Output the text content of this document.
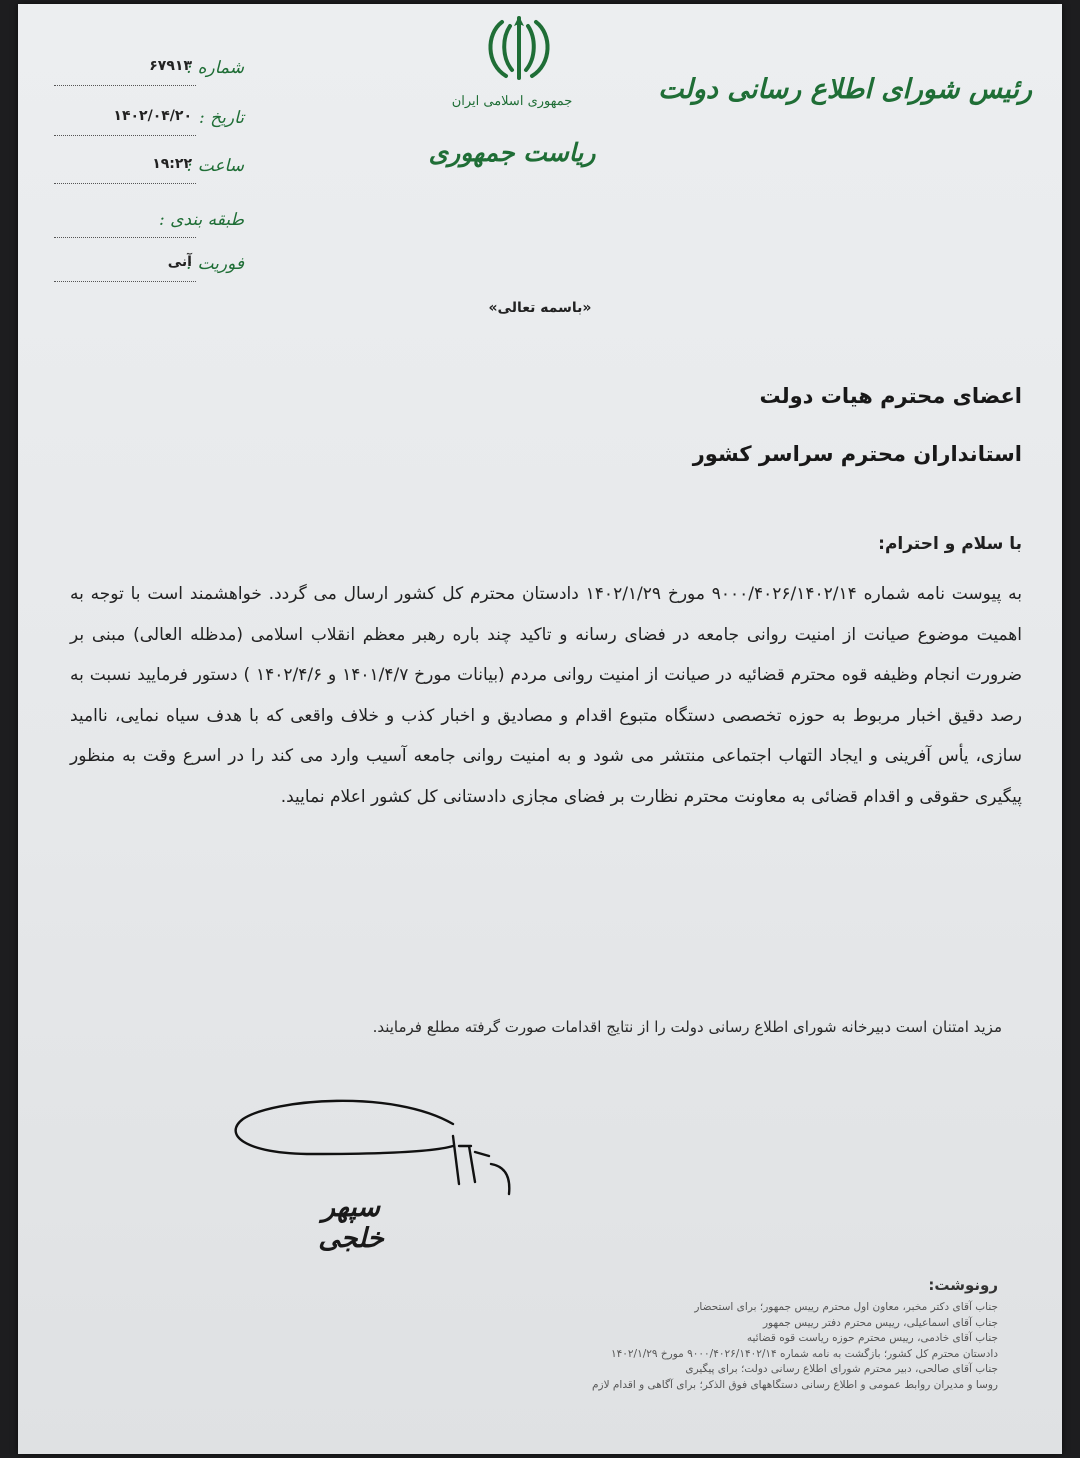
رئیس شورای اطلاع رسانی دولت
جمهوری اسلامی ایران
ریاست جمهوری
شماره :
۶۷۹۱۳
تاریخ :
۱۴۰۲/۰۴/۲۰
ساعت :
۱۹:۲۲
طبقه بندی :
فوریت :
آنی
«باسمه تعالی»
اعضای محترم هیات دولت
استانداران محترم سراسر کشور
با سلام و احترام:
به پیوست نامه شماره ۹۰۰۰/۴۰۲۶/۱۴۰۲/۱۴ مورخ ۱۴۰۲/۱/۲۹ دادستان محترم کل کشور ارسال می گردد. خواهشمند است با توجه به اهمیت موضوع صیانت از امنیت روانی جامعه در فضای رسانه و تاکید چند باره رهبر معظم انقلاب اسلامی (مدظله العالی) مبنی بر ضرورت انجام وظیفه قوه محترم قضائیه در صیانت از امنیت روانی مردم (بیانات مورخ ۱۴۰۱/۴/۷ و ۱۴۰۲/۴/۶ ) دستور فرمایید نسبت به رصد دقیق اخبار مربوط به حوزه تخصصی دستگاه متبوع اقدام و مصادیق و اخبار کذب و خلاف واقعی که با هدف سیاه نمایی، ناامید سازی، یأس آفرینی و ایجاد التهاب اجتماعی منتشر می شود و به امنیت روانی جامعه آسیب وارد می کند را در اسرع وقت به منظور پیگیری حقوقی و اقدام قضائی به معاونت محترم نظارت بر فضای مجازی دادستانی کل کشور اعلام نمایید.
مزید امتنان است دبیرخانه شورای اطلاع رسانی دولت را از نتایج اقدامات صورت گرفته مطلع فرمایند.
سپهر خلجی
رونوشت:
جناب آقای دکتر مخبر، معاون اول محترم رییس جمهور؛ برای استحضار
جناب آقای اسماعیلی، رییس محترم دفتر رییس جمهور
جناب آقای خادمی، رییس محترم حوزه ریاست قوه قضائیه
دادستان محترم کل کشور؛ بازگشت به نامه شماره ۹۰۰۰/۴۰۲۶/۱۴۰۲/۱۴ مورخ ۱۴۰۲/۱/۲۹
جناب آقای صالحی، دبیر محترم شورای اطلاع رسانی دولت؛ برای پیگیری
روسا و مدیران روابط عمومی و اطلاع رسانی دستگاههای فوق الذکر؛ برای آگاهی و اقدام لازم
